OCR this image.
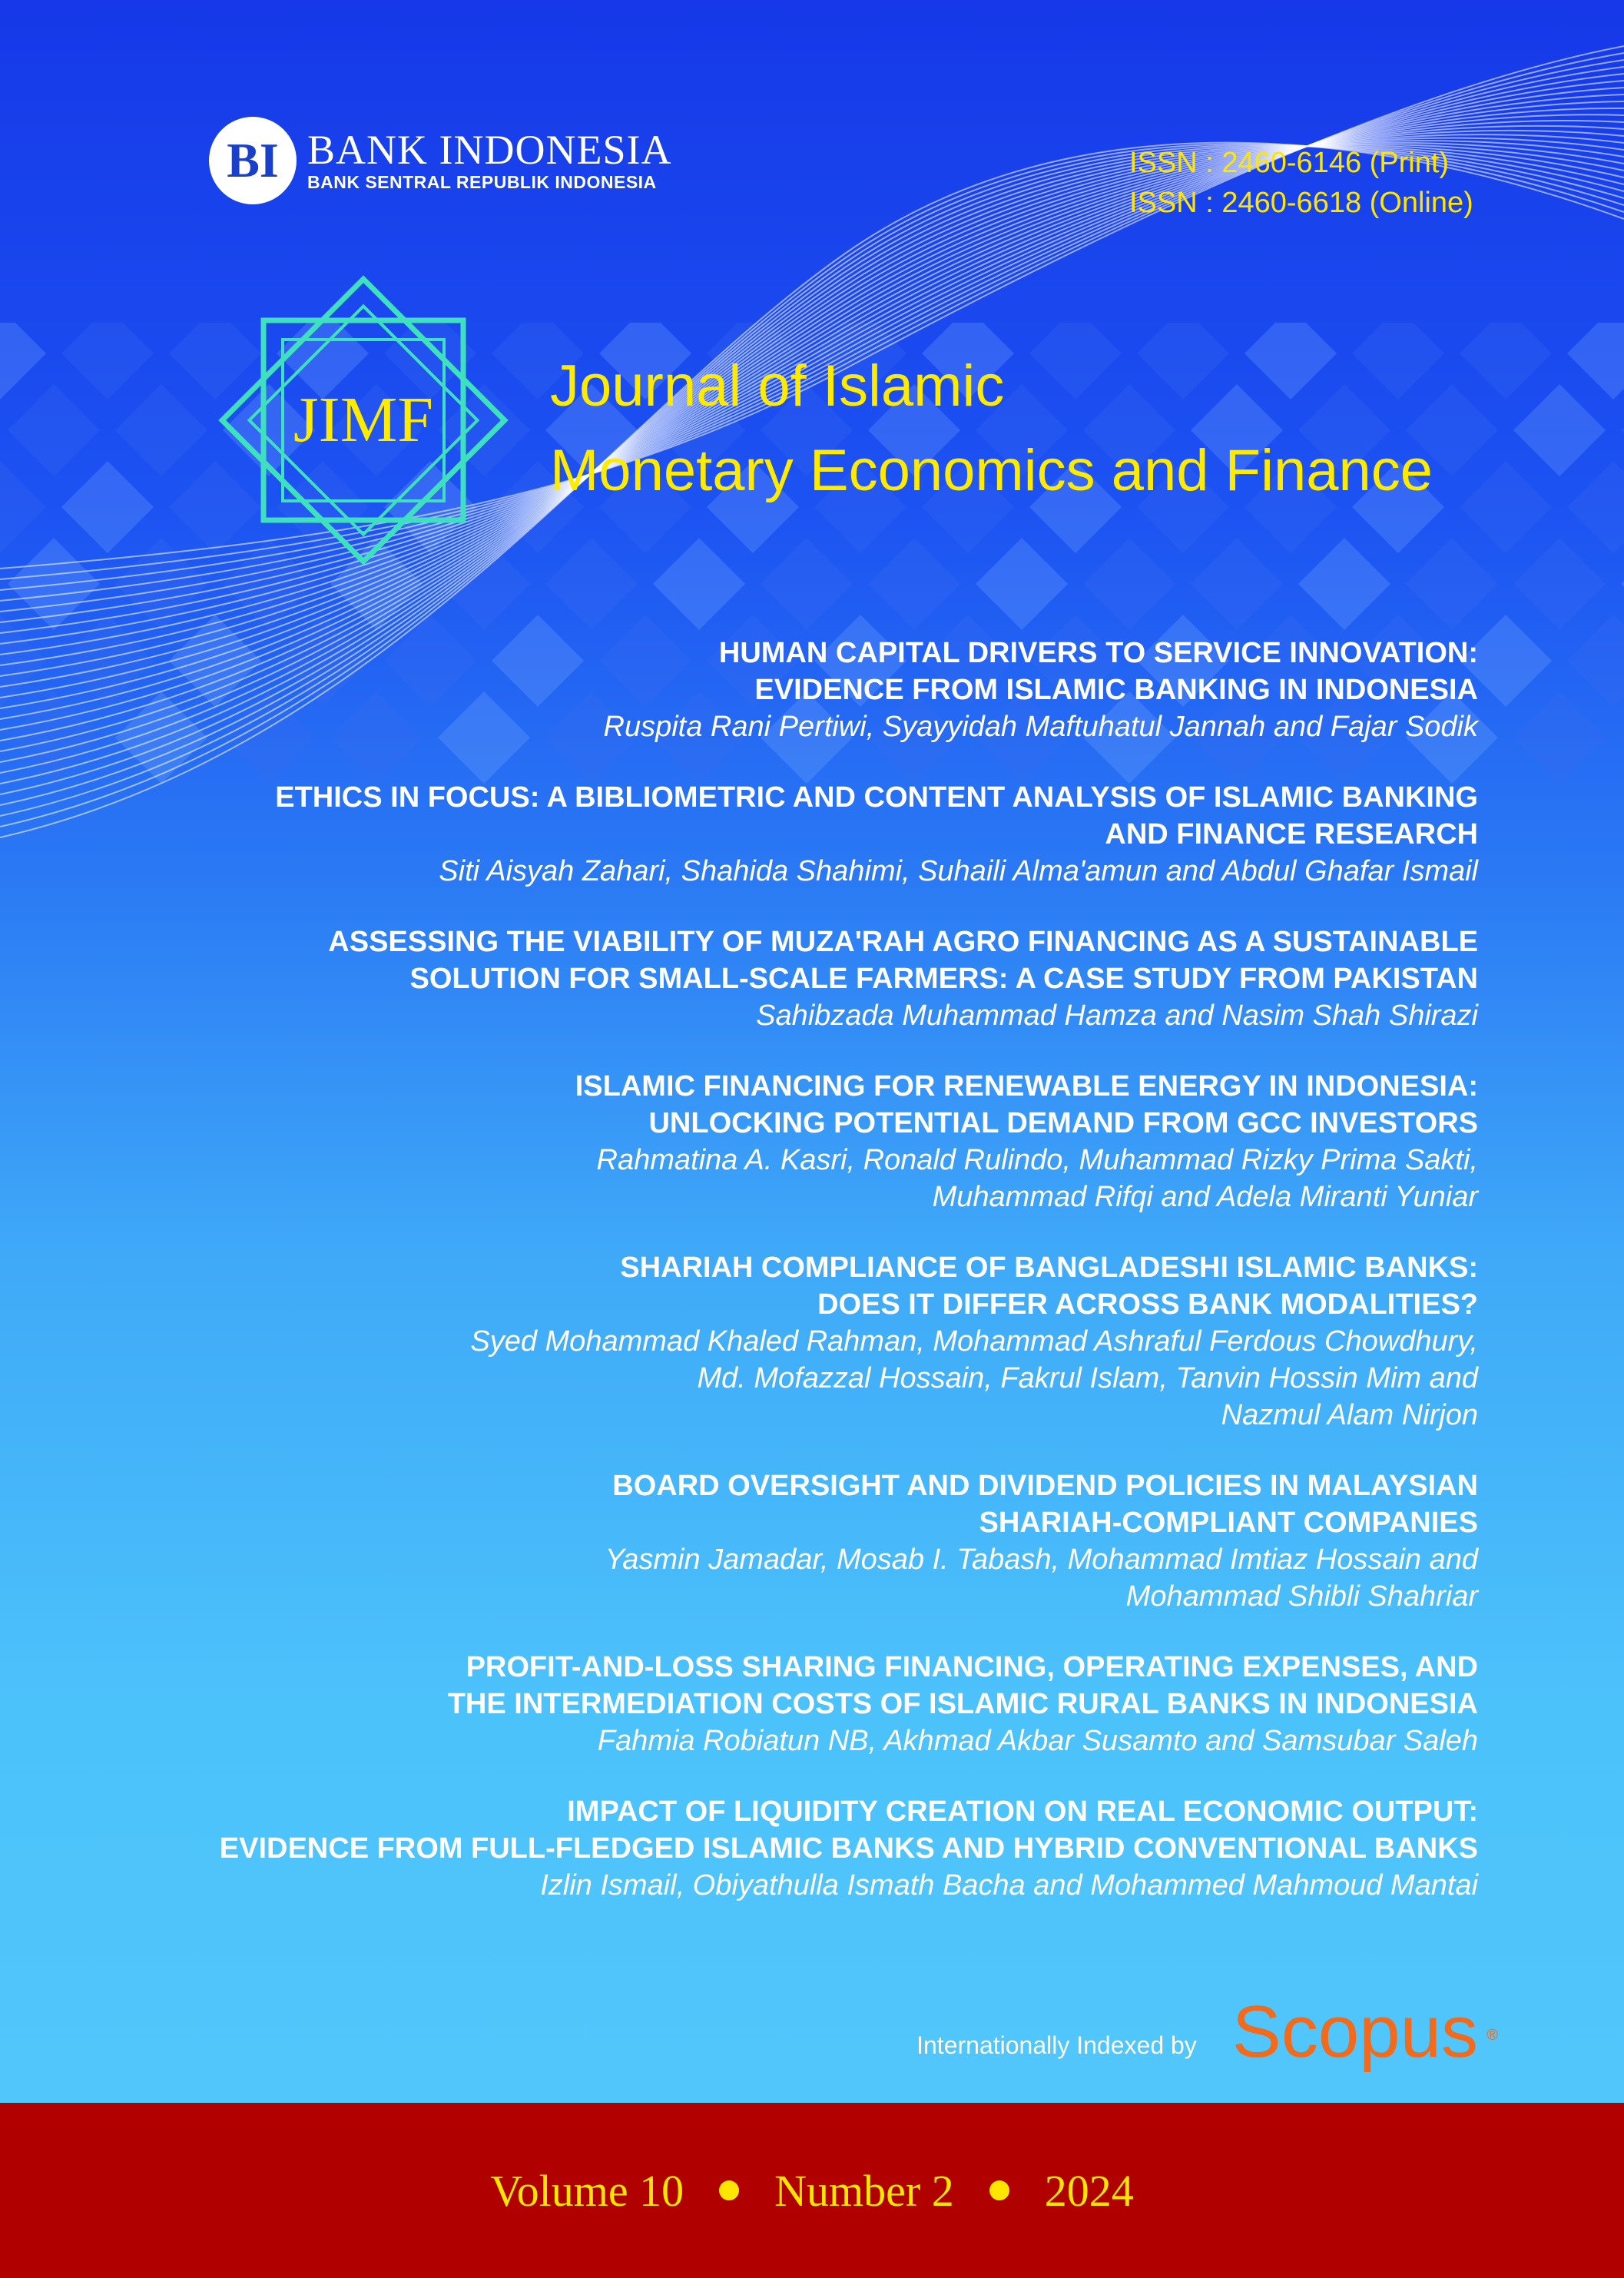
BI BANK INDONESIA
BANK SENTRAL REPUBLIK INDONESIA
ISSN : 2460-6146 (Print)
ISSN : 2460-6618 (Online)
JIMF Journal of Islamic
Monetary Economics and Finance
HUMAN CAPITAL DRIVERS TO SERVICE INNOVATION:
EVIDENCE FROM ISLAMIC BANKING IN INDONESIA
Ruspita Rani Pertiwi, Syayyidah Maftuhatul Jannah and Fajar Sodik
ETHICS IN FOCUS: A BIBLIOMETRIC AND CONTENT ANALYSIS OF ISLAMIC BANKING
AND FINANCE RESEARCH
Siti Aisyah Zahari, Shahida Shahimi, Suhaili Alma'amun and Abdul Ghafar Ismail
ASSESSING THE VIABILITY OF MUZA'RAH AGRO FINANCING AS A SUSTAINABLE
SOLUTION FOR SMALL-SCALE FARMERS: A CASE STUDY FROM PAKISTAN
Sahibzada Muhammad Hamza and Nasim Shah Shirazi
ISLAMIC FINANCING FOR RENEWABLE ENERGY IN INDONESIA:
UNLOCKING POTENTIAL DEMAND FROM GCC INVESTORS
Rahmatina A. Kasri, Ronald Rulindo, Muhammad Rizky Prima Sakti,
Muhammad Rifqi and Adela Miranti Yuniar
SHARIAH COMPLIANCE OF BANGLADESHI ISLAMIC BANKS:
DOES IT DIFFER ACROSS BANK MODALITIES?
Syed Mohammad Khaled Rahman, Mohammad Ashraful Ferdous Chowdhury,
Md. Mofazzal Hossain, Fakrul Islam, Tanvin Hossin Mim and
Nazmul Alam Nirjon
BOARD OVERSIGHT AND DIVIDEND POLICIES IN MALAYSIAN
SHARIAH-COMPLIANT COMPANIES
Yasmin Jamadar, Mosab I. Tabash, Mohammad Imtiaz Hossain and
Mohammad Shibli Shahriar
PROFIT-AND-LOSS SHARING FINANCING, OPERATING EXPENSES, AND
THE INTERMEDIATION COSTS OF ISLAMIC RURAL BANKS IN INDONESIA
Fahmia Robiatun NB, Akhmad Akbar Susamto and Samsubar Saleh
IMPACT OF LIQUIDITY CREATION ON REAL ECONOMIC OUTPUT:
EVIDENCE FROM FULL-FLEDGED ISLAMIC BANKS AND HYBRID CONVENTIONAL BANKS
Izlin Ismail, Obiyathulla Ismath Bacha and Mohammed Mahmoud Mantai
Internationally Indexed by Scopus ®
Volume 10 Number 2 2024
